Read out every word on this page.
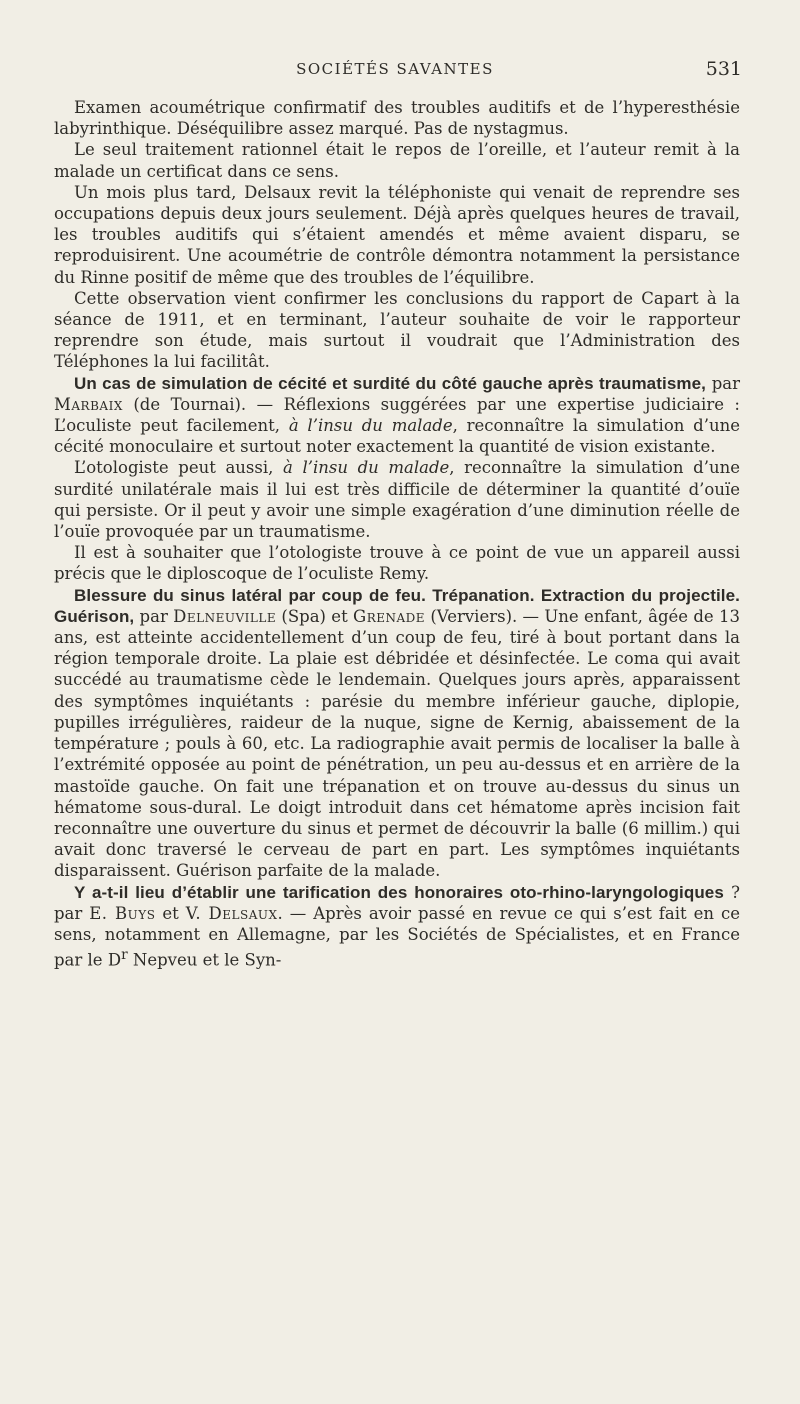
SOCIÉTÉS SAVANTES	531

Examen acoumétrique confirmatif des troubles auditifs et de l’hyperesthésie labyrinthique. Déséquilibre assez marqué. Pas de nystagmus.

Le seul traitement rationnel était le repos de l’oreille, et l’auteur remit à la malade un certificat dans ce sens.

Un mois plus tard, Delsaux revit la téléphoniste qui venait de reprendre ses occupations depuis deux jours seulement. Déjà après quelques heures de travail, les troubles auditifs qui s’étaient amendés et même avaient disparu, se reproduisirent. Une acoumétrie de contrôle démontra notamment la persistance du Rinne positif de même que des troubles de l’équilibre.

Cette observation vient confirmer les conclusions du rapport de Capart à la séance de 1911, et en terminant, l’auteur souhaite de voir le rapporteur reprendre son étude, mais surtout il voudrait que l’Administration des Téléphones la lui facilitât.

Un cas de simulation de cécité et surdité du côté gauche après traumatisme, par Marbaix (de Tournai). — Réflexions suggérées par une expertise judiciaire : L’oculiste peut facilement, à l’insu du malade, reconnaître la simulation d’une cécité monoculaire et surtout noter exactement la quantité de vision existante.

L’otologiste peut aussi, à l’insu du malade, reconnaître la simulation d’une surdité unilatérale mais il lui est très difficile de déterminer la quantité d’ouïe qui persiste. Or il peut y avoir une simple exagération d’une diminution réelle de l’ouïe provoquée par un traumatisme.

Il est à souhaiter que l’otologiste trouve à ce point de vue un appareil aussi précis que le diploscoque de l’oculiste Remy.

Blessure du sinus latéral par coup de feu. Trépanation. Extraction du projectile. Guérison, par Delneuville (Spa) et Grenade (Verviers). — Une enfant, âgée de 13 ans, est atteinte accidentellement d’un coup de feu, tiré à bout portant dans la région temporale droite. La plaie est débridée et désinfectée. Le coma qui avait succédé au traumatisme cède le lendemain. Quelques jours après, apparaissent des symptômes inquiétants : parésie du membre inférieur gauche, diplopie, pupilles irrégulières, raideur de la nuque, signe de Kernig, abaissement de la température ; pouls à 60, etc. La radiographie avait permis de localiser la balle à l’extrémité opposée au point de pénétration, un peu au-dessus et en arrière de la mastoïde gauche. On fait une trépanation et on trouve au-dessus du sinus un hématome sous-dural. Le doigt introduit dans cet hématome après incision fait reconnaître une ouverture du sinus et permet de découvrir la balle (6 millim.) qui avait donc traversé le cerveau de part en part. Les symptômes inquiétants disparaissent. Guérison parfaite de la malade.

Y a-t-il lieu d’établir une tarification des honoraires oto-rhino-laryngologiques ? par E. Buys et V. Delsaux. — Après avoir passé en revue ce qui s’est fait en ce sens, notamment en Allemagne, par les Sociétés de Spécialistes, et en France par le $D^r$ Nepveu et le Syn-
